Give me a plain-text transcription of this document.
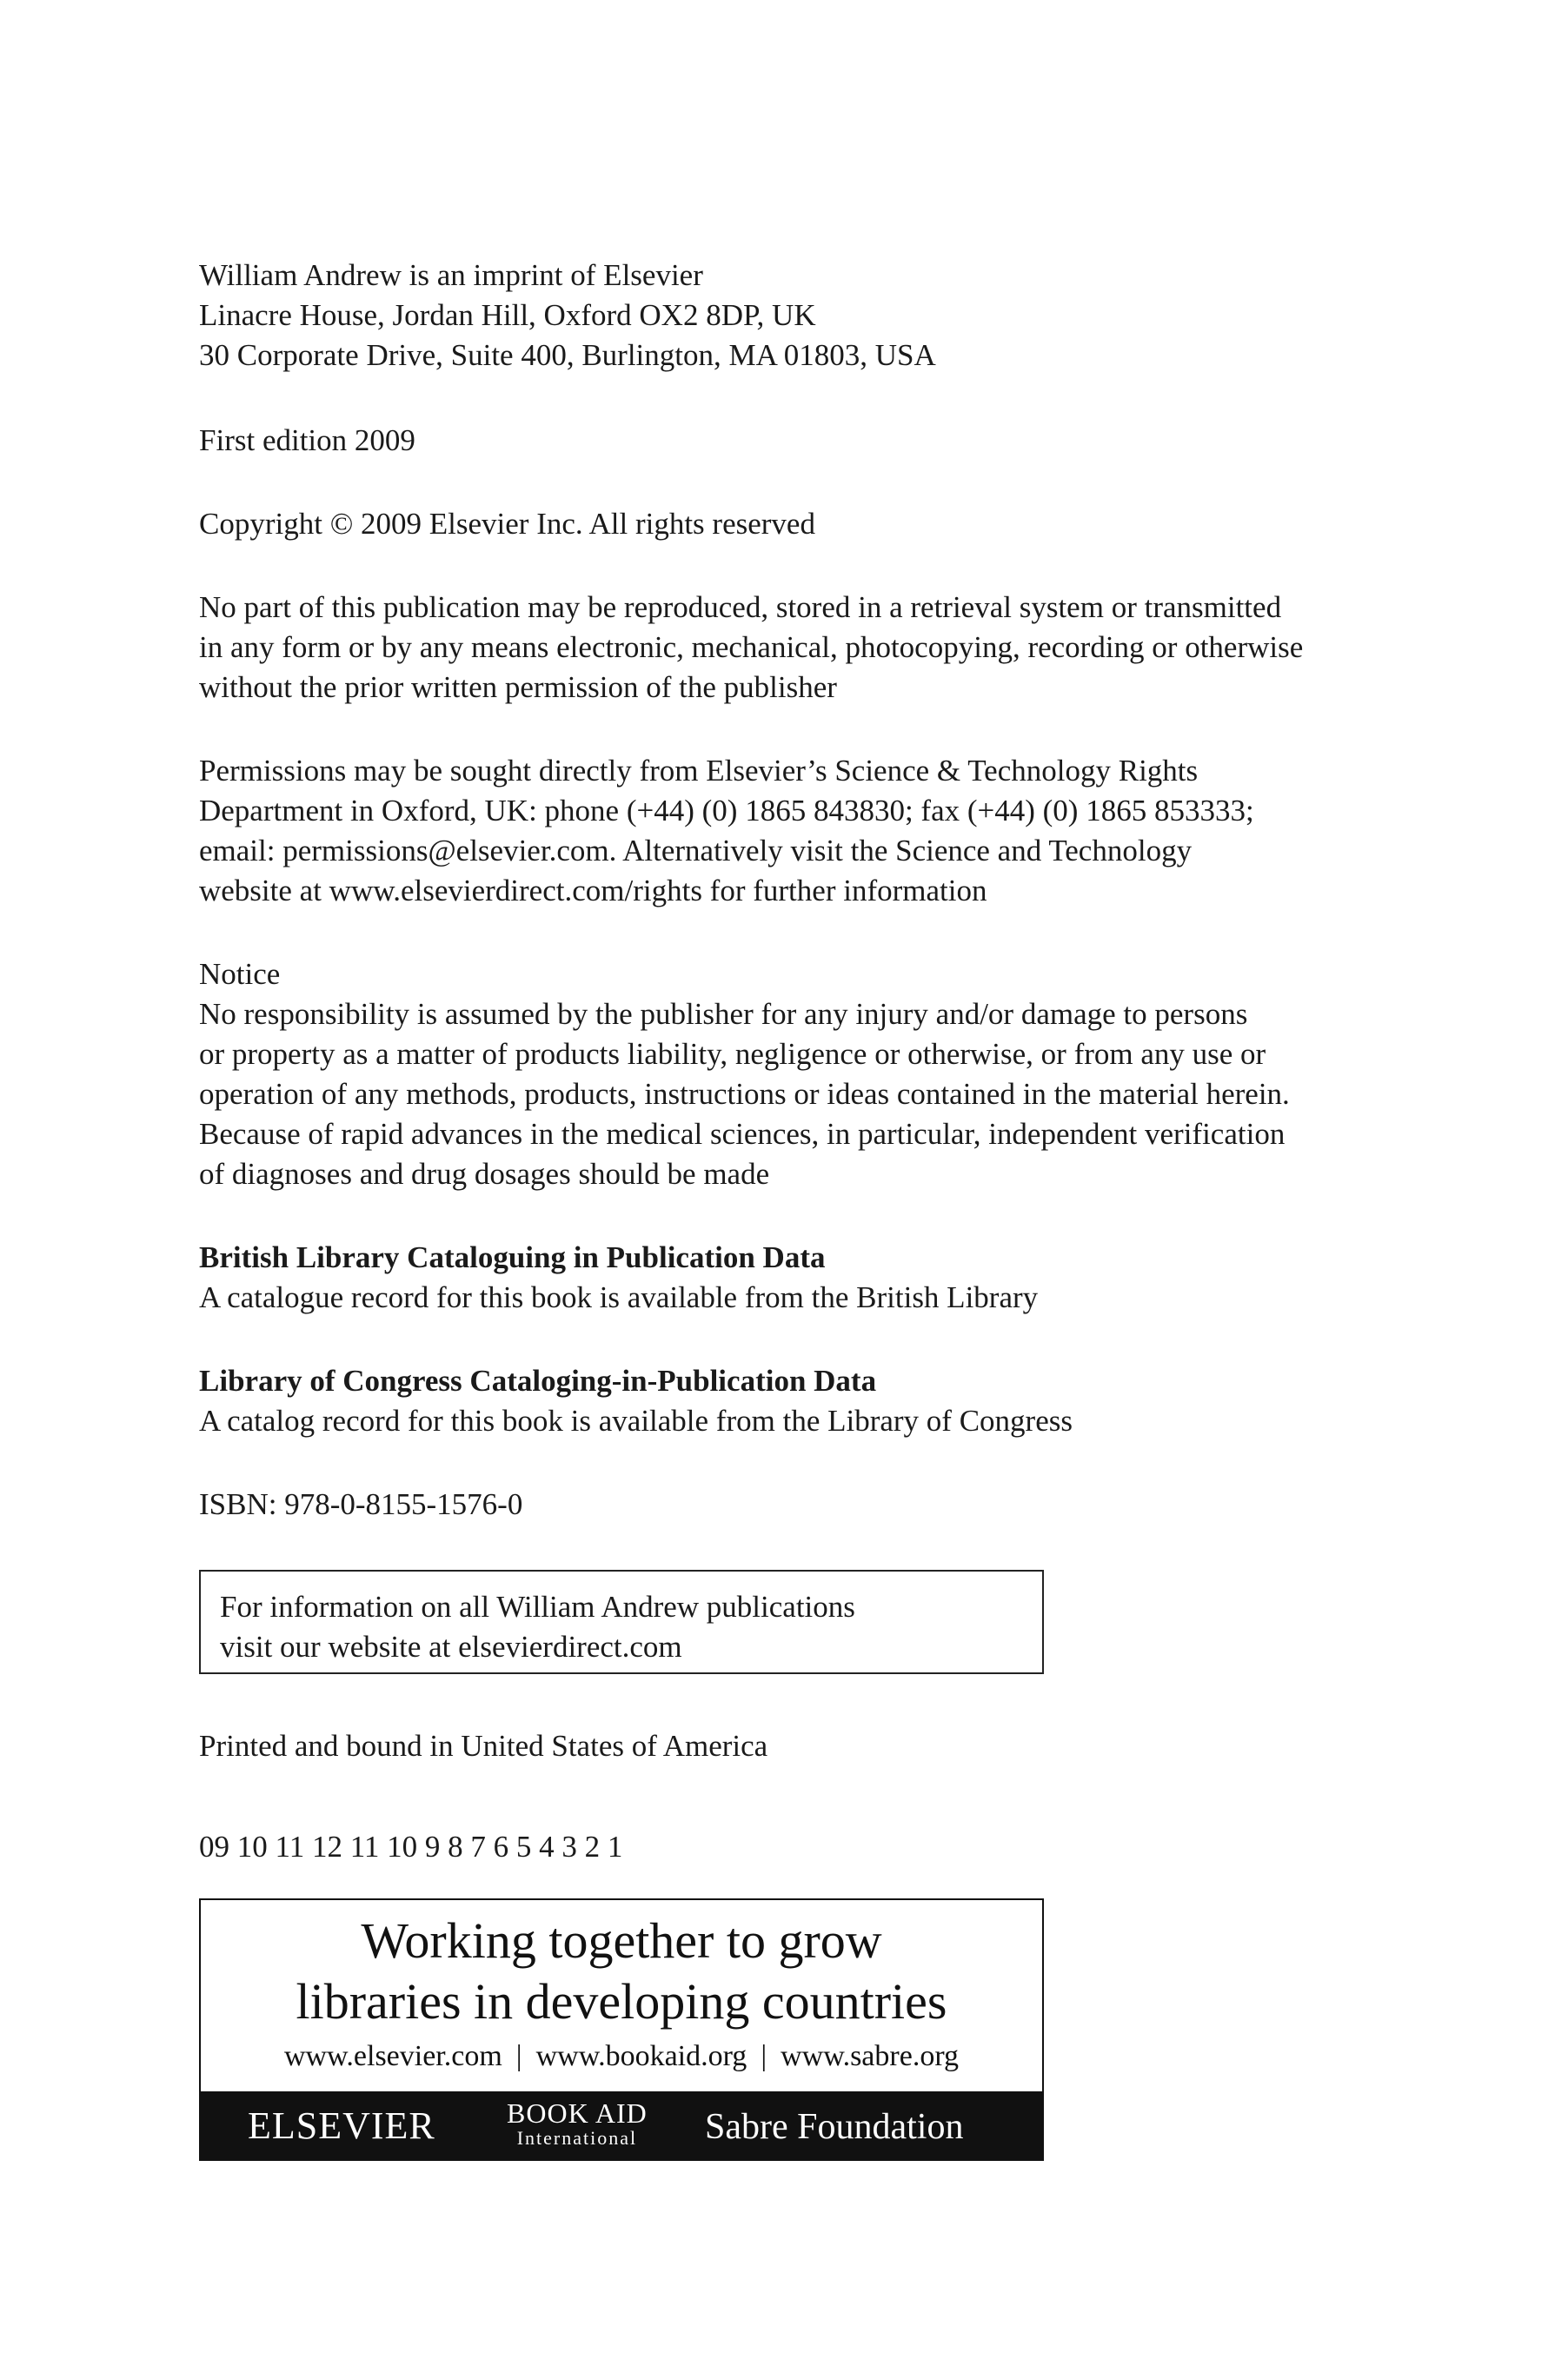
William Andrew is an imprint of Elsevier
Linacre House, Jordan Hill, Oxford OX2 8DP, UK
30 Corporate Drive, Suite 400, Burlington, MA 01803, USA
First edition 2009
Copyright © 2009 Elsevier Inc. All rights reserved
No part of this publication may be reproduced, stored in a retrieval system or transmitted
in any form or by any means electronic, mechanical, photocopying, recording or otherwise
without the prior written permission of the publisher
Permissions may be sought directly from Elsevier’s Science & Technology Rights
Department in Oxford, UK: phone (+44) (0) 1865 843830; fax (+44) (0) 1865 853333;
email: permissions@elsevier.com. Alternatively visit the Science and Technology
website at www.elsevierdirect.com/rights for further information
Notice
No responsibility is assumed by the publisher for any injury and/or damage to persons
or property as a matter of products liability, negligence or otherwise, or from any use or
operation of any methods, products, instructions or ideas contained in the material herein.
Because of rapid advances in the medical sciences, in particular, independent verification
of diagnoses and drug dosages should be made
British Library Cataloguing in Publication Data
A catalogue record for this book is available from the British Library
Library of Congress Cataloging-in-Publication Data
A catalog record for this book is available from the Library of Congress
ISBN: 978-0-8155-1576-0
For information on all William Andrew publications
visit our website at elsevierdirect.com
Printed and bound in United States of America
09 10 11 12 11 10 9 8 7 6 5 4 3 2 1
Working together to grow
libraries in developing countries
www.elsevier.com | www.bookaid.org | www.sabre.org
ELSEVIER	BOOK AID
International Sabre Foundation
